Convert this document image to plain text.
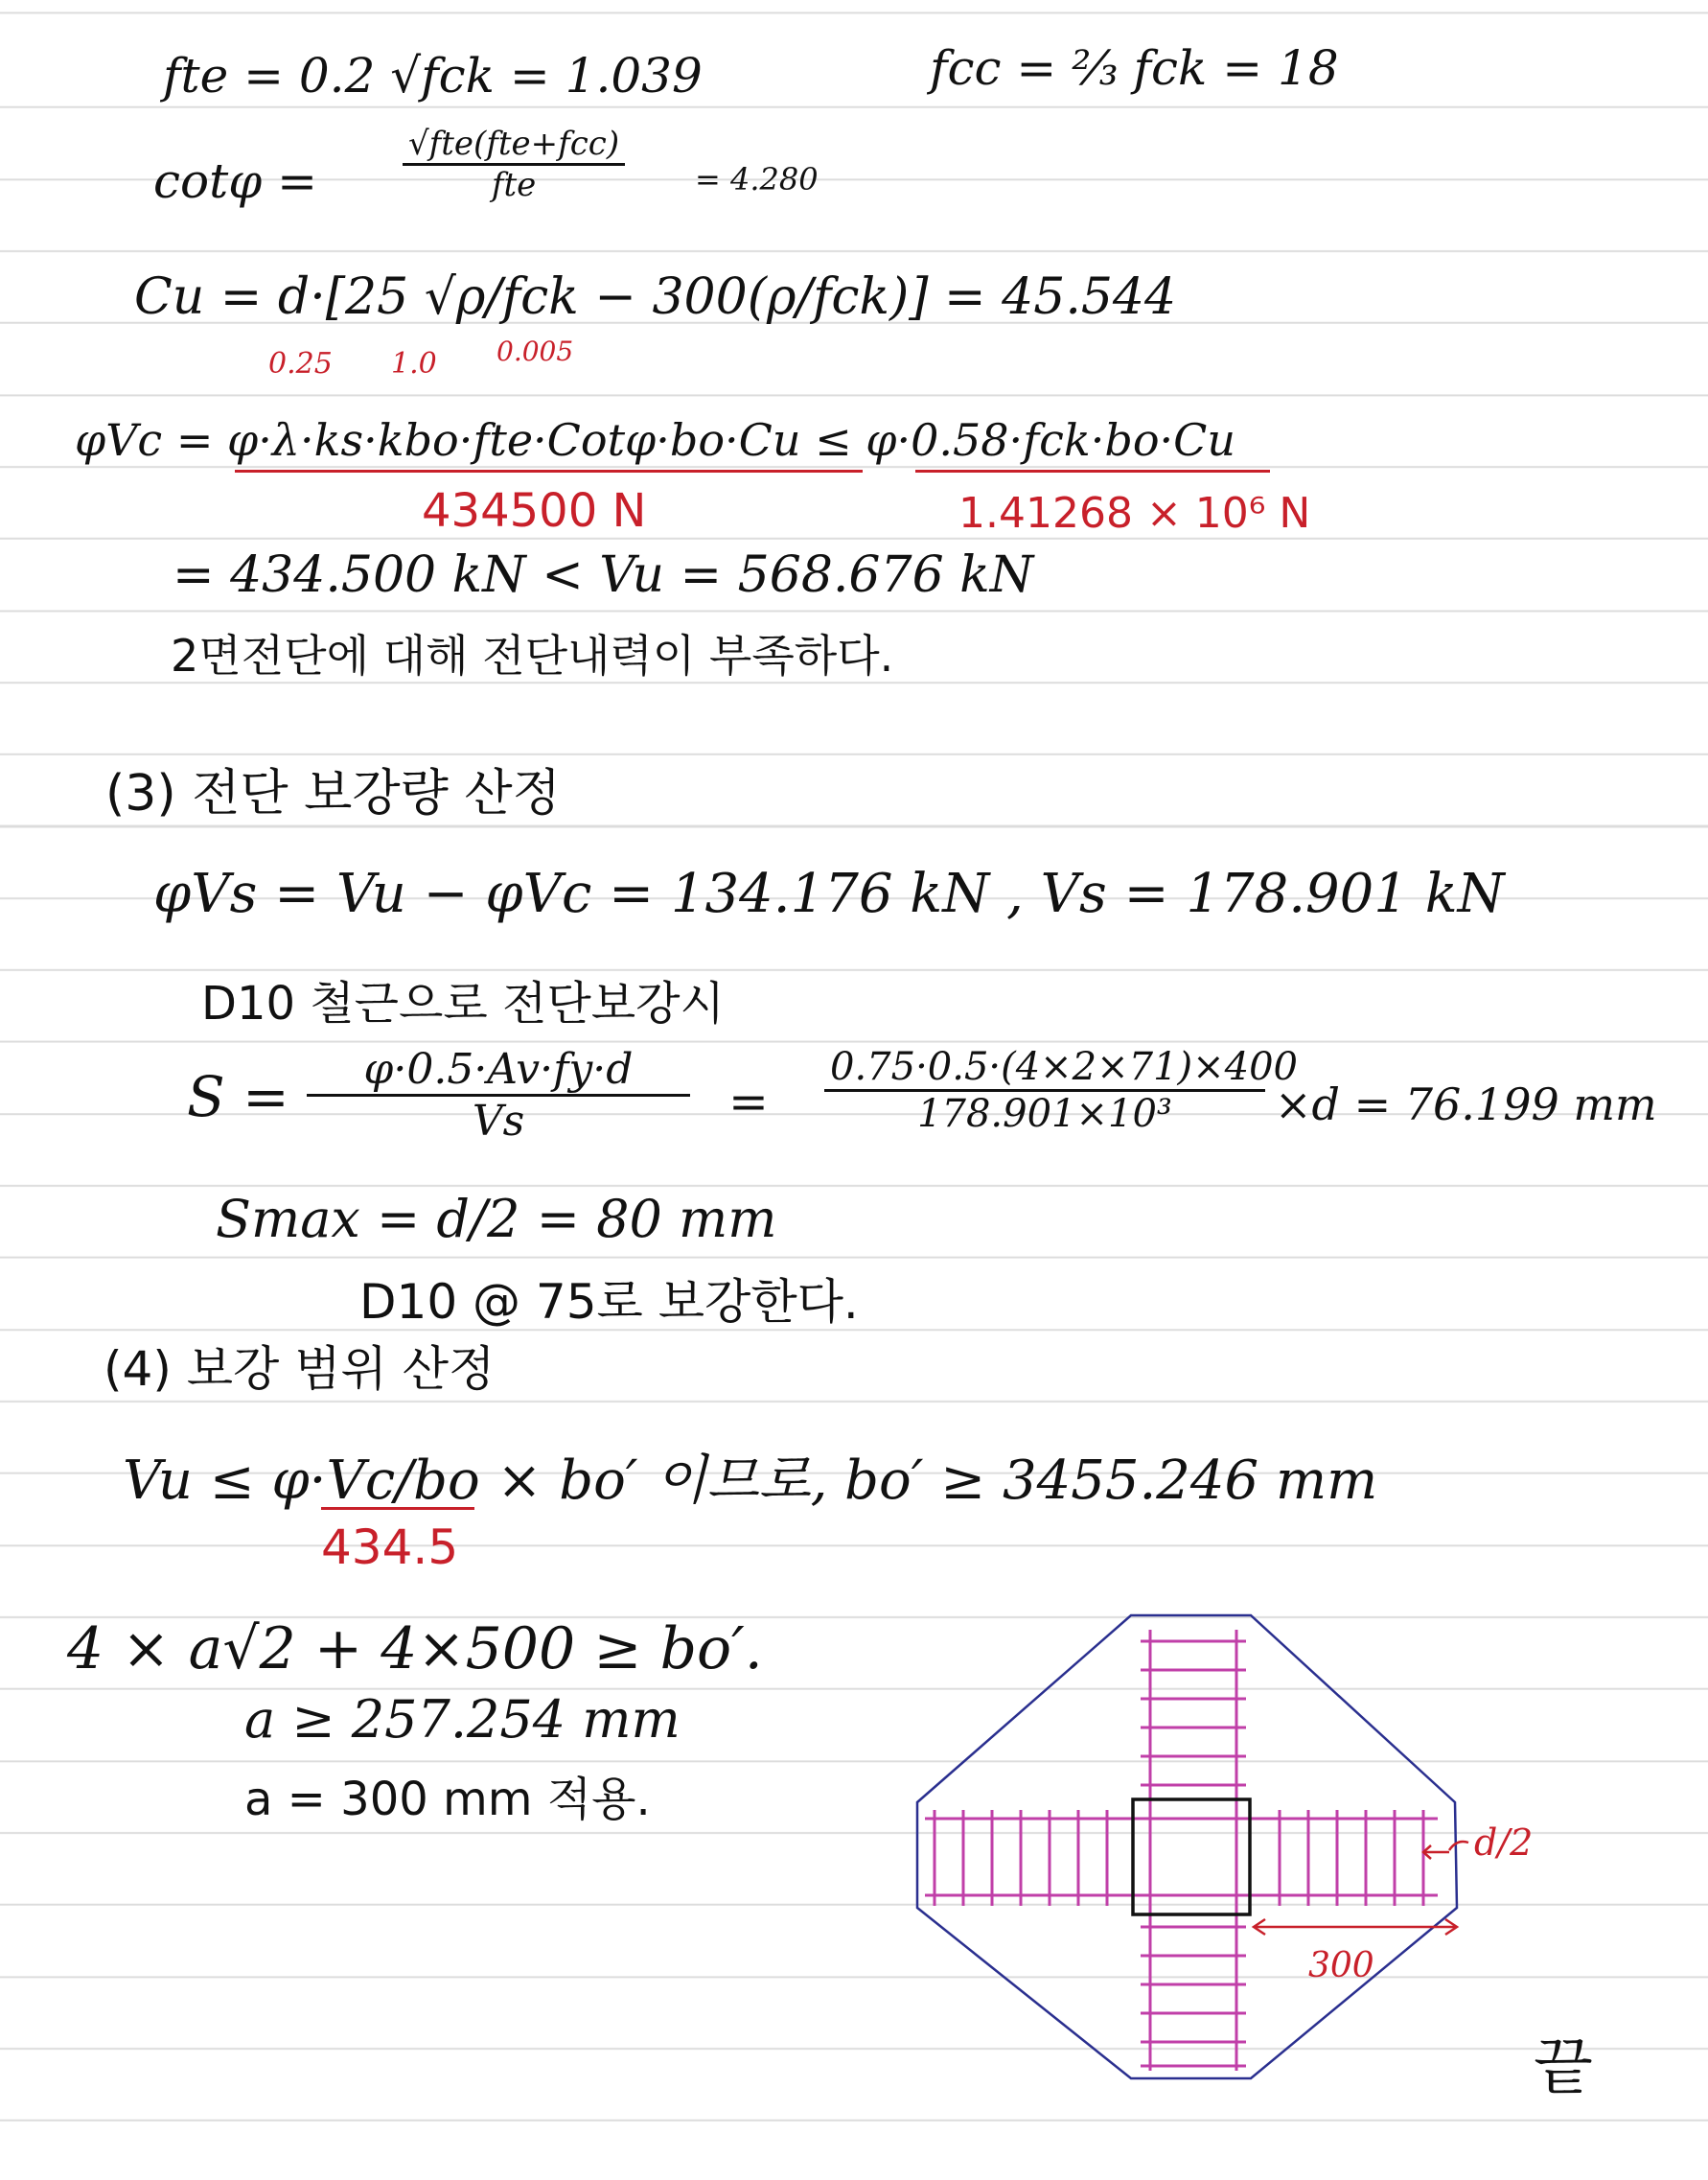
fte = 0.2 √fck = 1.039	fcc = ⅔ fck = 18
cotφ =
√fte(fte+fcc)
fte	= 4.280
Cu = d·[25 √ρ/fck − 300(ρ/fck)] = 45.544
0.25 1.0 0.005
φVc = φ·λ·ks·kbo·fte·Cotφ·bo·Cu ≤ φ·0.58·fck·bo·Cu
434500 N	1.41268 × 10⁶ N
= 434.500 kN < Vu = 568.676 kN
2면전단에 대해 전단내력이 부족하다.
(3) 전단 보강량 산정
φVs = Vu − φVc = 134.176 kN , Vs = 178.901 kN
D10 철근으로 전단보강시
S =	φ·0.5·Av·fy·d
Vs	=
0.75·0.5·(4×2×71)×400
178.901×10³	×d = 76.199 mm
Smax = d/2 = 80 mm
D10 @ 75로 보강한다.
(4) 보강 범위 산정
Vu ≤ φ·Vc/bo × bo′ 이므로, bo′ ≥ 3455.246 mm
434.5
4 × a√2 + 4×500 ≥ bo′.
a ≥ 257.254 mm
a = 300 mm 적용.
d/2
300
끝
